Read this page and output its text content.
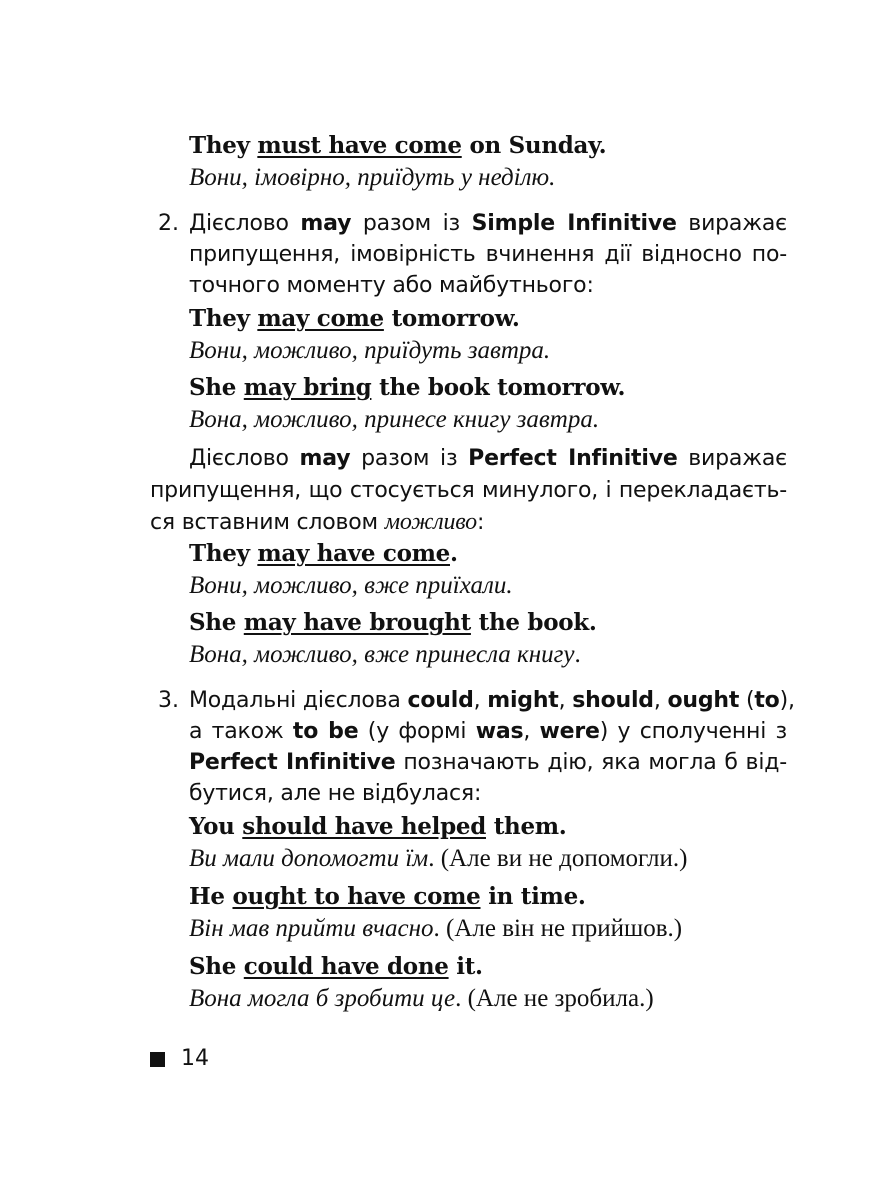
They must have come on Sunday.
Вони, імовірно, приїдуть у неділю.
2. Дієслово may разом із Simple Infinitive виражає
припущення, імовірність вчинення дії відносно по-
точного моменту або майбутнього:
They may come tomorrow.
Вони, можливо, приїдуть завтра.
She may bring the book tomorrow.
Вона, можливо, принесе книгу завтра.
Дієслово may разом із Perfect Infinitive виражає
припущення, що стосується минулого, і перекладаєть-
ся вставним словом можливо:
They may have come.
Вони, можливо, вже приїхали.
She may have brought the book.
Вона, можливо, вже принесла книгу.
3. Модальні дієслова could, might, should, ought (to),
а також to be (у формі was, were) у сполученні з
Perfect Infinitive позначають дію, яка могла б від-
бутися, але не відбулася:
You should have helped them.
Ви мали допомогти їм. (Але ви не допомогли.)
He ought to have come in time.
Він мав прийти вчасно. (Але він не прийшов.)
She could have done it.
Вона могла б зробити це. (Але не зробила.)
14
